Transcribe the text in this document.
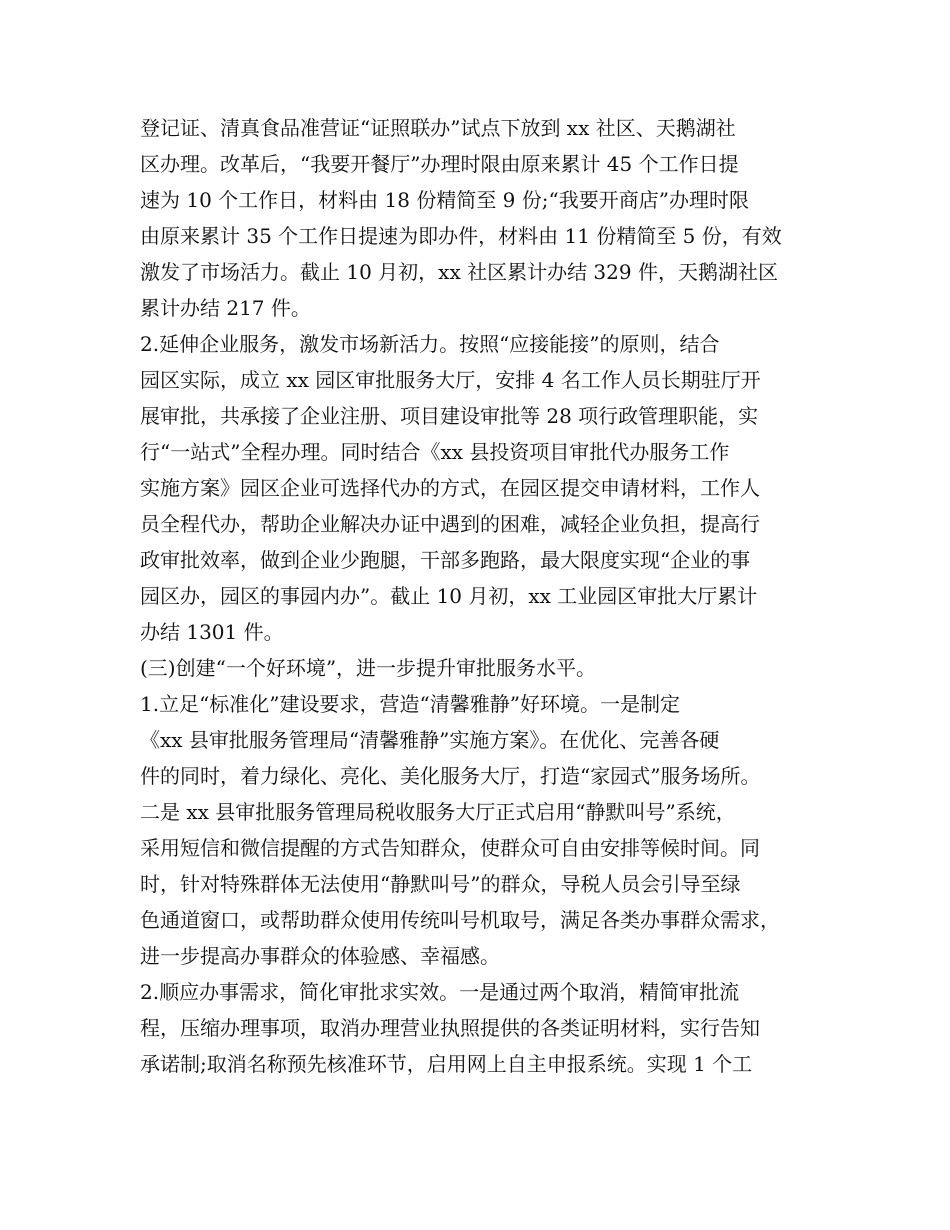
登记证、清真食品准营证“证照联办”试点下放到 xx 社区、天鹅湖社
区办理。改革后，“我要开餐厅”办理时限由原来累计 45 个工作日提
速为 10 个工作日，材料由 18 份精简至 9 份;“我要开商店”办理时限
由原来累计 35 个工作日提速为即办件，材料由 11 份精简至 5 份，有效
激发了市场活力。截止 10 月初，xx 社区累计办结 329 件，天鹅湖社区
累计办结 217 件。
2.延伸企业服务，激发市场新活力。按照“应接能接”的原则，结合
园区实际，成立 xx 园区审批服务大厅，安排 4 名工作人员长期驻厅开
展审批，共承接了企业注册、项目建设审批等 28 项行政管理职能，实
行“一站式”全程办理。同时结合《xx 县投资项目审批代办服务工作
实施方案》园区企业可选择代办的方式，在园区提交申请材料，工作人
员全程代办，帮助企业解决办证中遇到的困难，减轻企业负担，提高行
政审批效率，做到企业少跑腿，干部多跑路，最大限度实现“企业的事
园区办，园区的事园内办”。截止 10 月初，xx 工业园区审批大厅累计
办结 1301 件。
(三)创建“一个好环境”，进一步提升审批服务水平。
1.立足“标准化”建设要求，营造“清馨雅静”好环境。一是制定
《xx 县审批服务管理局“清馨雅静”实施方案》。在优化、完善各硬
件的同时，着力绿化、亮化、美化服务大厅，打造“家园式”服务场所。
二是 xx 县审批服务管理局税收服务大厅正式启用“静默叫号”系统，
采用短信和微信提醒的方式告知群众，使群众可自由安排等候时间。同
时，针对特殊群体无法使用“静默叫号”的群众，导税人员会引导至绿
色通道窗口，或帮助群众使用传统叫号机取号，满足各类办事群众需求，
进一步提高办事群众的体验感、幸福感。
2.顺应办事需求，简化审批求实效。一是通过两个取消，精简审批流
程，压缩办理事项，取消办理营业执照提供的各类证明材料，实行告知
承诺制;取消名称预先核准环节，启用网上自主申报系统。实现 1 个工
